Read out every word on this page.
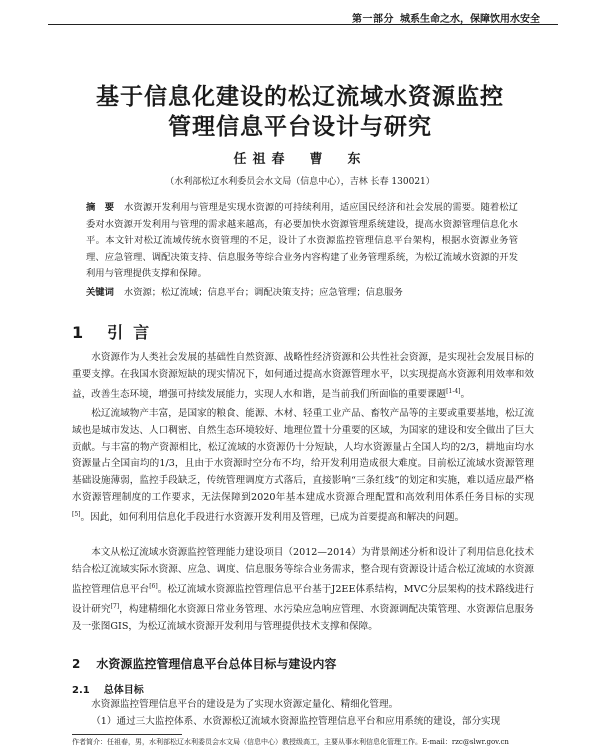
第一部分 城系生命之水，保障饮用水安全
基于信息化建设的松辽流域水资源监控
管理信息平台设计与研究
任祖春　曹　东
（水利部松辽水利委员会水文局（信息中心），吉林 长春 130021）
摘　要 水资源开发利用与管理是实现水资源的可持续利用，适应国民经济和社会发展的需要。随着松辽委对水资源开发利用与管理的需求越来越高，有必要加快水资源管理系统建设，提高水资源管理信息化水平。本文针对松辽流域传统水资管理的不足，设计了水资源监控管理信息平台架构，根据水资源业务管理、应急管理、调配决策支持、信息服务等综合业务内容构建了业务管理系统，为松辽流域水资源的开发利用与管理提供支撑和保障。
关键词 水资源；松辽流域；信息平台；调配决策支持；应急管理；信息服务
1 引言
水资源作为人类社会发展的基础性自然资源、战略性经济资源和公共性社会资源，是实现社会发展目标的重要支撑。在我国水资源短缺的现实情况下，如何通过提高水资源管理水平，以实现提高水资源利用效率和效益，改善生态环境，增强可持续发展能力，实现人水和谐，是当前我们所面临的重要课题[1-4]。
松辽流域物产丰富，是国家的粮食、能源、木材、轻重工业产品、畜牧产品等的主要或重要基地，松辽流域也是城市发达、人口稠密、自然生态环境较好、地理位置十分重要的区域，为国家的建设和安全做出了巨大贡献。与丰富的物产资源相比，松辽流域的水资源仍十分短缺，人均水资源量占全国人均的2/3，耕地亩均水资源量占全国亩均的1/3，且由于水资源时空分布不均，给开发利用造成很大难度。目前松辽流域水资源管理基础设施薄弱，监控手段缺乏，传统管理调度方式落后，直接影响“三条红线”的划定和实施，难以适应最严格水资源管理制度的工作要求，无法保障到2020年基本建成水资源合理配置和高效利用体系任务目标的实现[5]。因此，如何利用信息化手段进行水资源开发利用及管理，已成为首要提高和解决的问题。
本文从松辽流域水资源监控管理能力建设项目（2012—2014）为背景阐述分析和设计了利用信息化技术结合松辽流域实际水资源、应急、调度、信息服务等综合业务需求，整合现有资源设计适合松辽流域的水资源监控管理信息平台[6]。松辽流域水资源监控管理信息平台基于J2EE体系结构，MVC分层架构的技术路线进行设计研究[7]，构建精细化水资源日常业务管理、水污染应急响应管理、水资源调配决策管理、水资源信息服务及一张图GIS，为松辽流域水资源开发利用与管理提供技术支撑和保障。
2 水资源监控管理信息平台总体目标与建设内容
2.1 总体目标
水资源监控管理信息平台的建设是为了实现水资源定量化、精细化管理。
（1）通过三大监控体系、水资源松辽流域水资源监控管理信息平台和应用系统的建设，部分实现
作者简介：任祖春，男，水利部松辽水利委员会水文局（信息中心）教授级高工，主要从事水利信息化管理工作。E-mail：rzc@slwr.gov.cn
